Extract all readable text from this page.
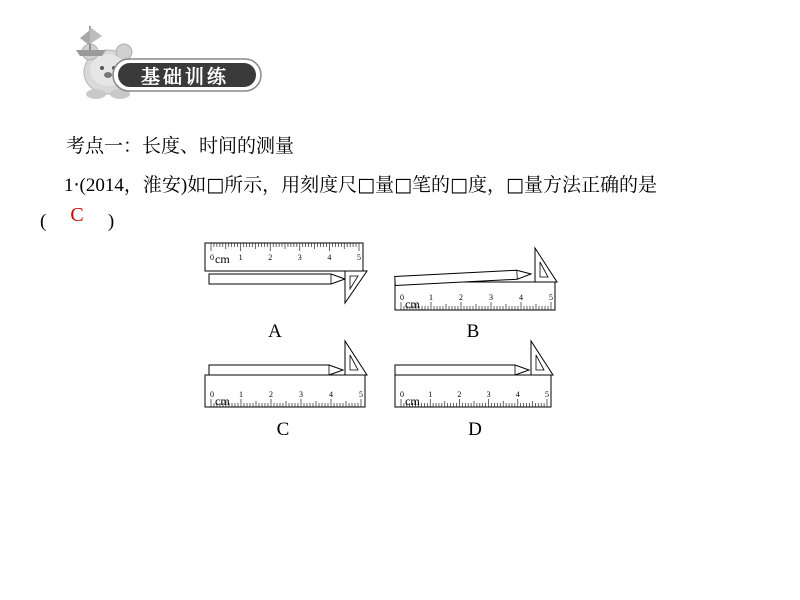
基础训练
考点一：长度、时间的测量
1·(2014，淮安)如□所示，用刻度尺□量□笔的□度，□量方法正确的是
( C )
0	1	2	3	4	5
cm
0	1	2	3	4	5
cm
0	1	2	3	4	5
cm	0	1	2	3	4	5
cm
A	B
C	D
